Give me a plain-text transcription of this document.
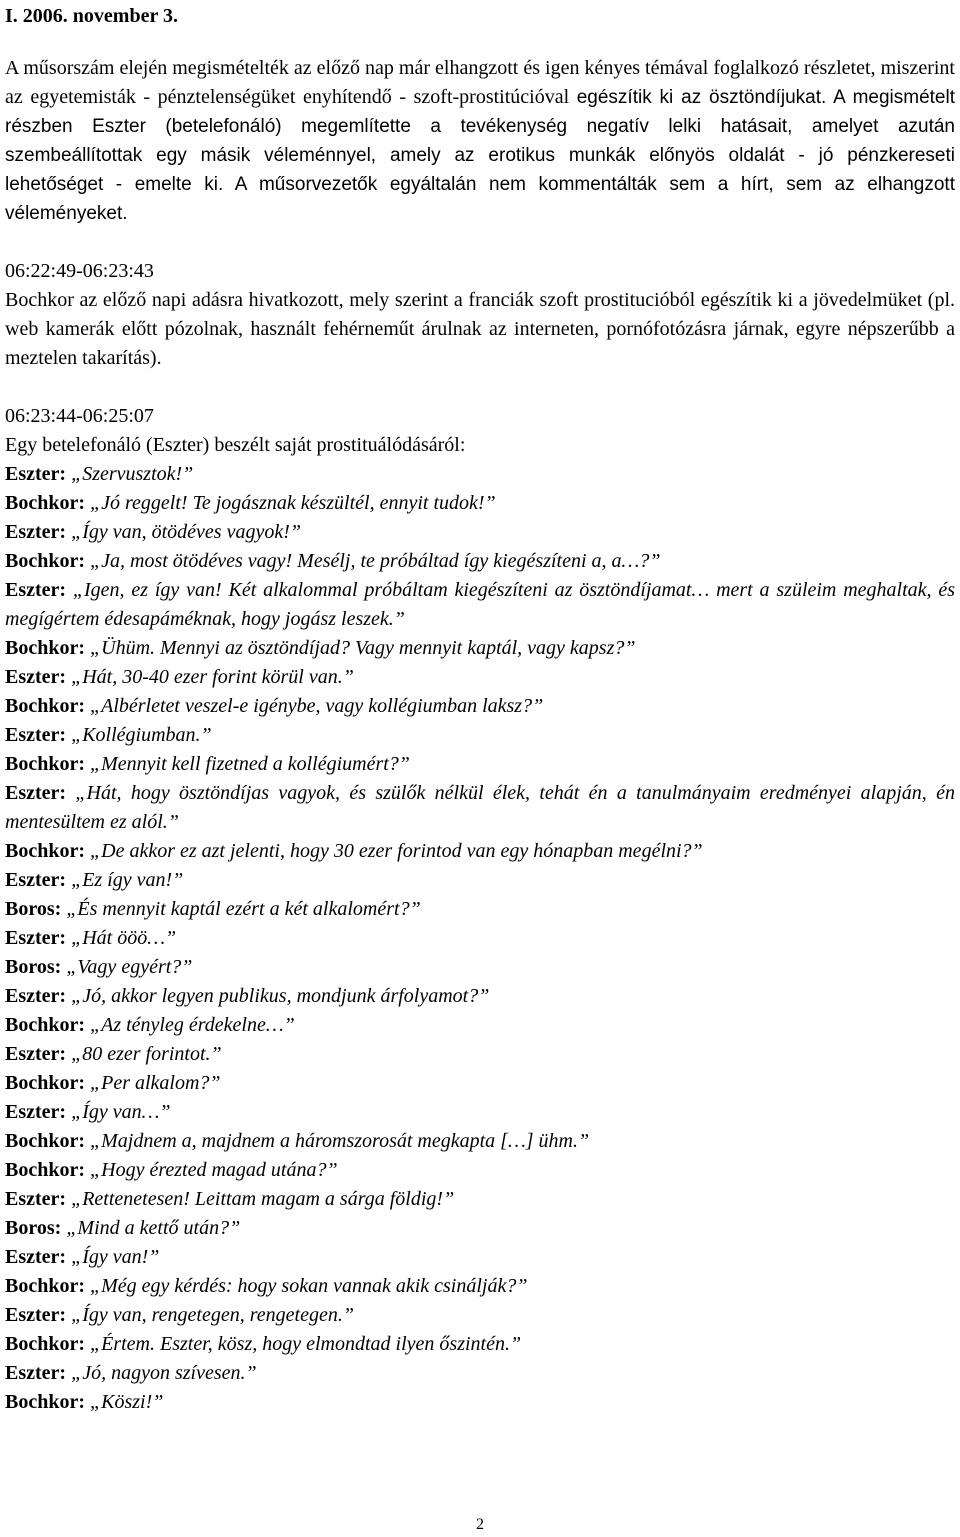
I. 2006. november 3.

A műsorszám elején megismételték az előző nap már elhangzott és igen kényes témával foglalkozó részletet, miszerint az egyetemisták - pénztelenségüket enyhítendő - szoft-prostitúcióval egészítik ki az ösztöndíjukat. A megismételt részben Eszter (betelefonáló) megemlítette a tevékenység negatív lelki hatásait, amelyet azután szembeállítottak egy másik véleménnyel, amely az erotikus munkák előnyös oldalát - jó pénzkereseti lehetőséget - emelte ki. A műsorvezetők egyáltalán nem kommentálták sem a hírt, sem az elhangzott véleményeket.

06:22:49-06:23:43

Bochkor az előző napi adásra hivatkozott, mely szerint a franciák szoft prostitucióból egészítik ki a jövedelmüket (pl. web kamerák előtt pózolnak, használt fehérneműt árulnak az interneten, pornófotózásra járnak, egyre népszerűbb a meztelen takarítás).

06:23:44-06:25:07

Egy betelefonáló (Eszter) beszélt saját prostituálódásáról:

Eszter: „Szervusztok!”

Bochkor: „Jó reggelt! Te jogásznak készültél, ennyit tudok!”

Eszter: „Így van, ötödéves vagyok!”

Bochkor: „Ja, most ötödéves vagy! Mesélj, te próbáltad így kiegészíteni a, a…?”

Eszter: „Igen, ez így van! Két alkalommal próbáltam kiegészíteni az ösztöndíjamat… mert a szüleim meghaltak, és megígértem édesapáméknak, hogy jogász leszek.”

Bochkor: „Ühüm. Mennyi az ösztöndíjad? Vagy mennyit kaptál, vagy kapsz?”

Eszter: „Hát, 30-40 ezer forint körül van.”

Bochkor: „Albérletet veszel-e igénybe, vagy kollégiumban laksz?”

Eszter: „Kollégiumban.”

Bochkor: „Mennyit kell fizetned a kollégiumért?”

Eszter: „Hát, hogy ösztöndíjas vagyok, és szülők nélkül élek, tehát én a tanulmányaim eredményei alapján, én mentesültem ez alól.”

Bochkor: „De akkor ez azt jelenti, hogy 30 ezer forintod van egy hónapban megélni?”

Eszter: „Ez így van!”

Boros: „És mennyit kaptál ezért a két alkalomért?”

Eszter: „Hát ööö…”

Boros: „Vagy egyért?”

Eszter: „Jó, akkor legyen publikus, mondjunk árfolyamot?”

Bochkor: „Az tényleg érdekelne…”

Eszter: „80 ezer forintot.”

Bochkor: „Per alkalom?”

Eszter: „Így van…”

Bochkor: „Majdnem a, majdnem a háromszorosát megkapta […] ühm.”

Bochkor: „Hogy érezted magad utána?”

Eszter: „Rettenetesen! Leittam magam a sárga földig!”

Boros: „Mind a kettő után?”

Eszter: „Így van!”

Bochkor: „Még egy kérdés: hogy sokan vannak akik csinálják?”

Eszter: „Így van, rengetegen, rengetegen.”

Bochkor: „Értem. Eszter, kösz, hogy elmondtad ilyen őszintén.”

Eszter: „Jó, nagyon szívesen.”

Bochkor: „Köszi!”

2
